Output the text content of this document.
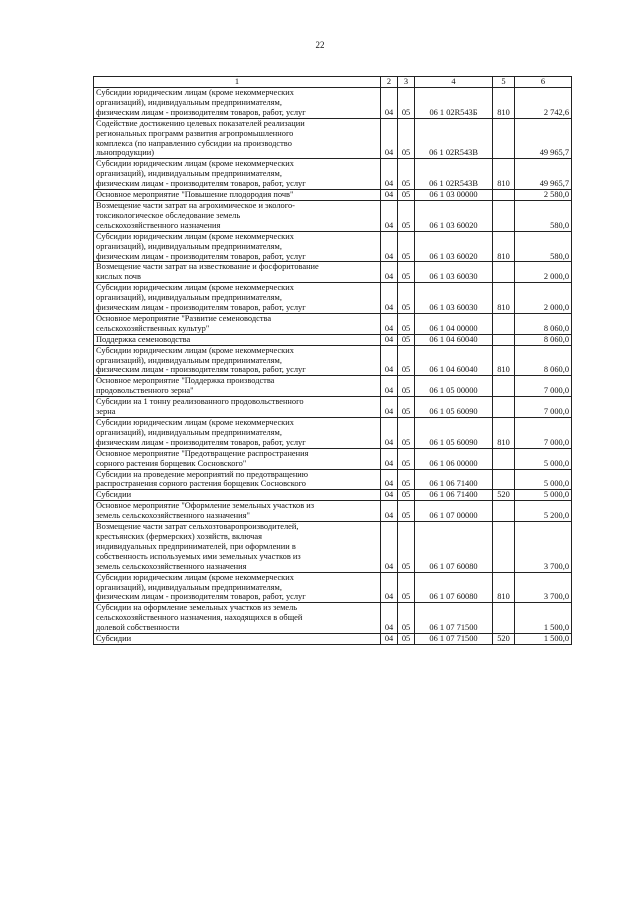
22
1	2	3	4	5	6
Субсидии юридическим лицам (кроме некоммерческих
организаций), индивидуальным предпринимателям,
физическим лицам - производителям товаров, работ, услуг	04	05	06 1 02R543Б	810	2 742,6
Содействие достижению целевых показателей реализации
региональных программ развития агропромышленного
комплекса (по направлению субсидии на производство
льнопродукции)	04	05	06 1 02R543В		49 965,7
Субсидии юридическим лицам (кроме некоммерческих
организаций), индивидуальным предпринимателям,
физическим лицам - производителям товаров, работ, услуг	04	05	06 1 02R543В	810	49 965,7
Основное мероприятие "Повышение плодородия почв"	04	05	06 1 03 00000		2 580,0
Возмещение части затрат на агрохимическое и эколого-
токсикологическое обследование земель
сельскохозяйственного назначения	04	05	06 1 03 60020		580,0
Субсидии юридическим лицам (кроме некоммерческих
организаций), индивидуальным предпринимателям,
физическим лицам - производителям товаров, работ, услуг	04	05	06 1 03 60020	810	580,0
Возмещение части затрат на известкование и фосфоритование
кислых почв	04	05	06 1 03 60030		2 000,0
Субсидии юридическим лицам (кроме некоммерческих
организаций), индивидуальным предпринимателям,
физическим лицам - производителям товаров, работ, услуг	04	05	06 1 03 60030	810	2 000,0
Основное мероприятие "Развитие семеноводства
сельскохозяйственных культур"	04	05	06 1 04 00000		8 060,0
Поддержка семеноводства	04	05	06 1 04 60040		8 060,0
Субсидии юридическим лицам (кроме некоммерческих
организаций), индивидуальным предпринимателям,
физическим лицам - производителям товаров, работ, услуг	04	05	06 1 04 60040	810	8 060,0
Основное мероприятие "Поддержка производства
продовольственного зерна"	04	05	06 1 05 00000		7 000,0
Субсидии на 1 тонну реализованного продовольственного
зерна	04	05	06 1 05 60090		7 000,0
Субсидии юридическим лицам (кроме некоммерческих
организаций), индивидуальным предпринимателям,
физическим лицам - производителям товаров, работ, услуг	04	05	06 1 05 60090	810	7 000,0
Основное мероприятие "Предотвращение распространения
сорного растения борщевик Сосновского"	04	05	06 1 06 00000		5 000,0
Субсидии на проведение мероприятий по предотвращению
распространения сорного растения борщевик Сосновского	04	05	06 1 06 71400		5 000,0
Субсидии	04	05	06 1 06 71400	520	5 000,0
Основное мероприятие "Оформление земельных участков из
земель сельскохозяйственного назначения"	04	05	06 1 07 00000		5 200,0
Возмещение части затрат сельхозтоваропроизводителей,
крестьянских (фермерских) хозяйств, включая
индивидуальных предпринимателей, при оформлении в
собственность используемых ими земельных участков из
земель сельскохозяйственного назначения	04	05	06 1 07 60080		3 700,0
Субсидии юридическим лицам (кроме некоммерческих
организаций), индивидуальным предпринимателям,
физическим лицам - производителям товаров, работ, услуг	04	05	06 1 07 60080	810	3 700,0
Субсидии на оформление земельных участков из земель
сельскохозяйственного назначения, находящихся в общей
долевой собственности	04	05	06 1 07 71500		1 500,0
Субсидии	04	05	06 1 07 71500	520	1 500,0
